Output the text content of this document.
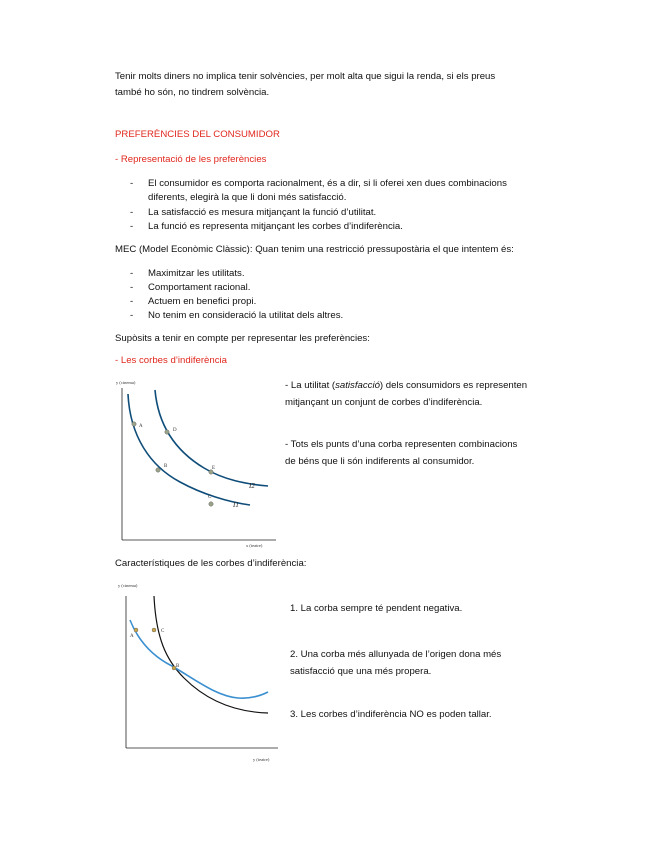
Tenir molts diners no implica tenir solvències, per molt alta que sigui la renda, si els preus
també ho són, no tindrem solvència.
PREFERÈNCIES DEL CONSUMIDOR
- Representació de les preferències
- El consumidor es comporta racionalment, és a dir, si li oferei xen dues combinacions
diferents, elegirà la que li doni més satisfacció.
- La satisfacció es mesura mitjançant la funció d’utilitat.
- La funció es representa mitjançant les corbes d’indiferència.
MEC (Model Econòmic Clàssic): Quan tenim una restricció pressupostària el que intentem és:
- Maximitzar les utilitats.
- Comportament racional.
- Actuem en benefici propi.
- No tenim en consideració la utilitat dels altres.
Supòsits a tenir en compte per representar les preferències:
- Les corbes d’indiferència
y (cinema)
x (teatre)
A
D
B	E
C
I2
I1
- La utilitat (satisfacció) dels consumidors es representen
mitjançant un conjunt de corbes d’indiferència.
- Tots els punts d’una corba representen combinacions
de béns que li són indiferents al consumidor.
Característiques de les corbes d’indiferència:
y (cinema)
y (teatre)
A
C
B
1. La corba sempre té pendent negativa.
2. Una corba més allunyada de l’origen dona més
satisfacció que una més propera.
3. Les corbes d’indiferència NO es poden tallar.
